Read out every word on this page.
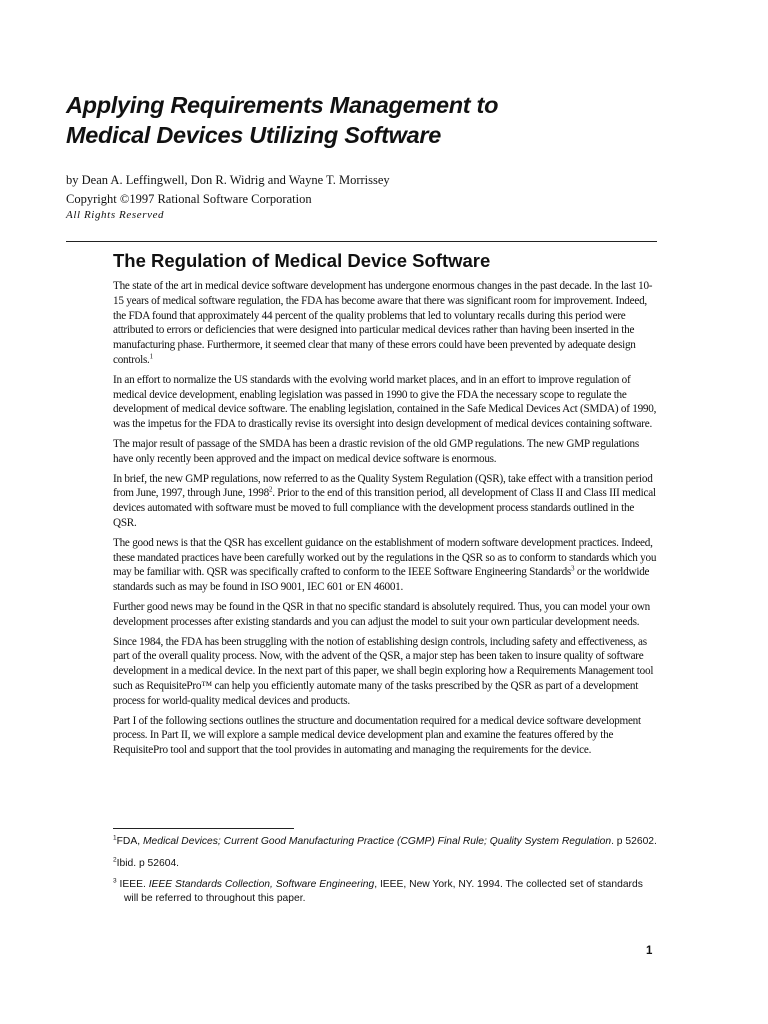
Applying Requirements Management to
Medical Devices Utilizing Software
by Dean A. Leffingwell, Don R. Widrig and Wayne T. Morrissey
Copyright ©1997 Rational Software Corporation
All Rights Reserved
The Regulation of Medical Device Software

The state of the art in medical device software development has undergone enormous changes in the past decade. In the last 10-15 years of medical software regulation, the FDA has become aware that there was significant room for improvement. Indeed, the FDA found that approximately 44 percent of the quality problems that led to voluntary recalls during this period were attributed to errors or deficiencies that were designed into particular medical devices rather than having been inserted in the manufacturing phase. Furthermore, it seemed clear that many of these errors could have been prevented by adequate design controls.$^1$

In an effort to normalize the US standards with the evolving world market places, and in an effort to improve regulation of medical device development, enabling legislation was passed in 1990 to give the FDA the necessary scope to regulate the development of medical device software. The enabling legislation, contained in the Safe Medical Devices Act (SMDA) of 1990, was the impetus for the FDA to drastically revise its oversight into design development of medical devices containing software.

The major result of passage of the SMDA has been a drastic revision of the old GMP regulations. The new GMP regulations have only recently been approved and the impact on medical device software is enormous.

In brief, the new GMP regulations, now referred to as the Quality System Regulation (QSR), take effect with a transition period from June, 1997, through June, 1998$^2$. Prior to the end of this transition period, all development of Class II and Class III medical devices automated with software must be moved to full compliance with the development process standards outlined in the QSR.

The good news is that the QSR has excellent guidance on the establishment of modern software development practices. Indeed, these mandated practices have been carefully worked out by the regulations in the QSR so as to conform to standards which you may be familiar with. QSR was specifically crafted to conform to the IEEE Software Engineering Standards$^3$ or the worldwide standards such as may be found in ISO 9001, IEC 601 or EN 46001.

Further good news may be found in the QSR in that no specific standard is absolutely required. Thus, you can model your own development processes after existing standards and you can adjust the model to suit your own particular development needs.

Since 1984, the FDA has been struggling with the notion of establishing design controls, including safety and effectiveness, as part of the overall quality process. Now, with the advent of the QSR, a major step has been taken to insure quality of software development in a medical device. In the next part of this paper, we shall begin exploring how a Requirements Management tool such as RequisitePro™ can help you efficiently automate many of the tasks prescribed by the QSR as part of a development process for world-quality medical devices and products.

Part I of the following sections outlines the structure and documentation required for a medical device software development process. In Part II, we will explore a sample medical device development plan and examine the features offered by the RequisitePro tool and support that the tool provides in automating and managing the requirements for the device.

$^1$FDA, Medical Devices; Current Good Manufacturing Practice (CGMP) Final Rule; Quality System Regulation. p 52602.

$^2$Ibid. p 52604.

$^3$ IEEE. IEEE Standards Collection, Software Engineering, IEEE, New York, NY. 1994. The collected set of standards will be referred to throughout this paper.

1
